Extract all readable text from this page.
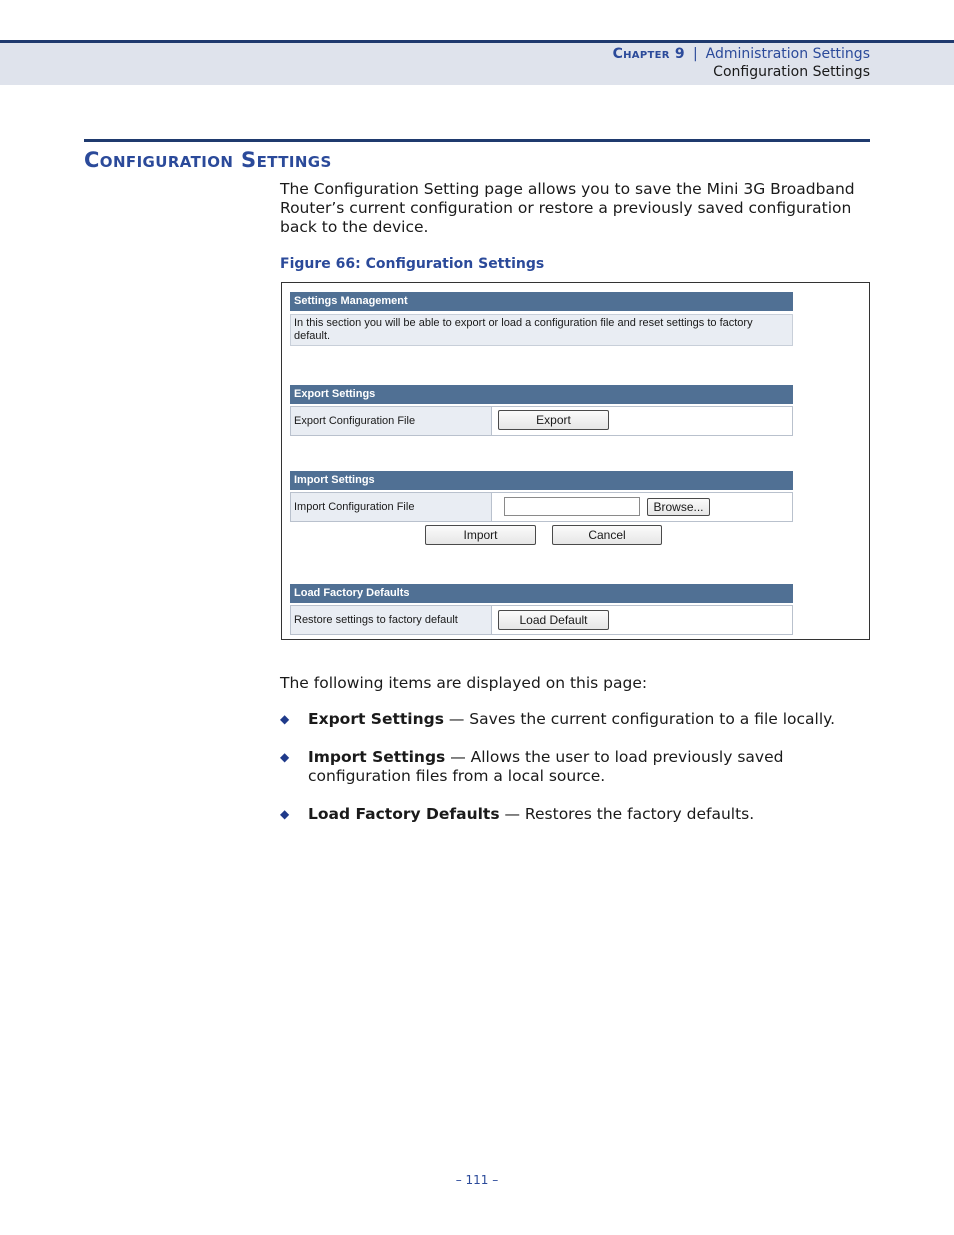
Chapter 9 | Administration Settings
Configuration Settings
Configuration Settings

The Configuration Setting page allows you to save the Mini 3G Broadband Router’s current configuration or restore a previously saved configuration back to the device.

Figure 66: Configuration Settings
Settings Management
In this section you will be able to export or load a configuration file and reset settings to factory default.
Export Settings
Export Configuration File	Export
Import Settings
Import Configuration File	Browse...
Import	Cancel
Load Factory Defaults
Restore settings to factory default	Load Default

The following items are displayed on this page:

◆ Export Settings — Saves the current configuration to a file locally.
◆ Import Settings — Allows the user to load previously saved configuration files from a local source.
◆ Load Factory Defaults — Restores the factory defaults.
– 111 –
